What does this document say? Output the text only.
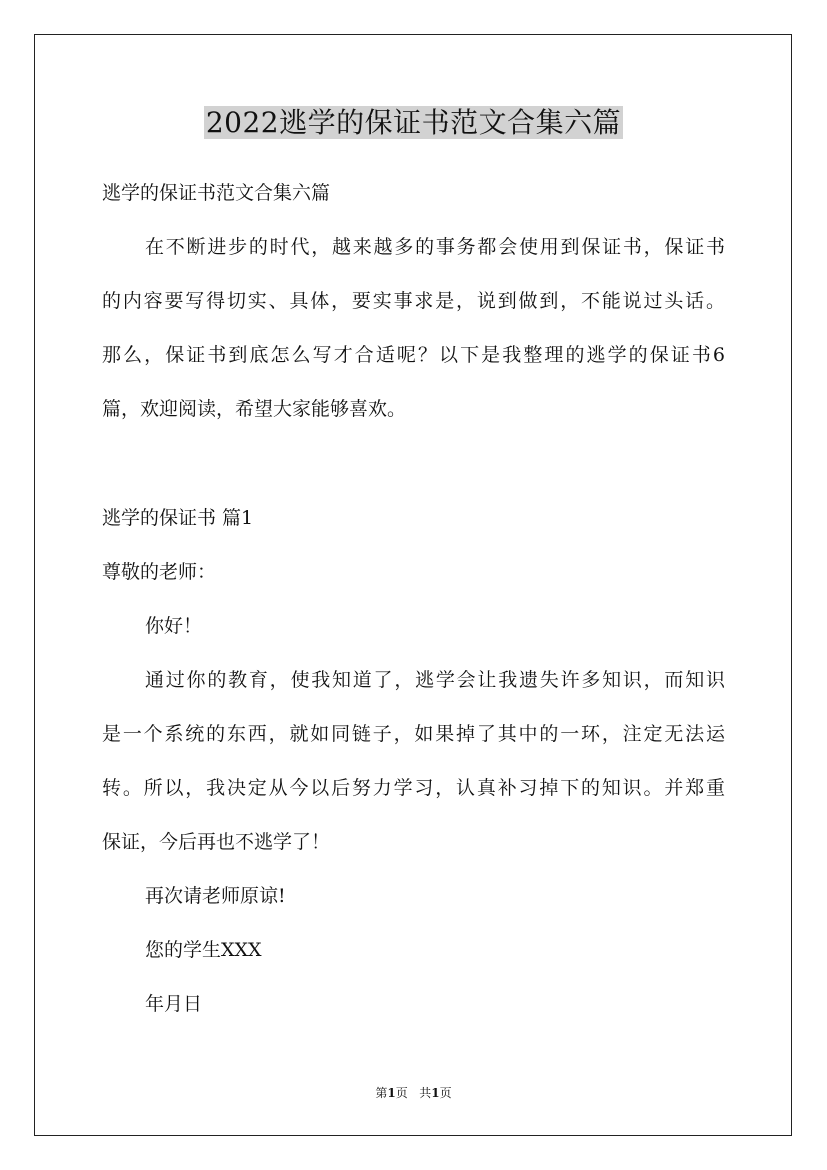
2022逃学的保证书范文合集六篇
逃学的保证书范文合集六篇
在不断进步的时代，越来越多的事务都会使用到保证书，保证书
的内容要写得切实、具体，要实事求是，说到做到，不能说过头话。
那么，保证书到底怎么写才合适呢？以下是我整理的逃学的保证书6
篇，欢迎阅读，希望大家能够喜欢。
逃学的保证书 篇1
尊敬的老师：
你好！
通过你的教育，使我知道了，逃学会让我遗失许多知识，而知识
是一个系统的东西，就如同链子，如果掉了其中的一环，注定无法运
转。所以，我决定从今以后努力学习，认真补习掉下的知识。并郑重
保证，今后再也不逃学了！
再次请老师原谅!
您的学生XXX
年月日
第1页 共1页
